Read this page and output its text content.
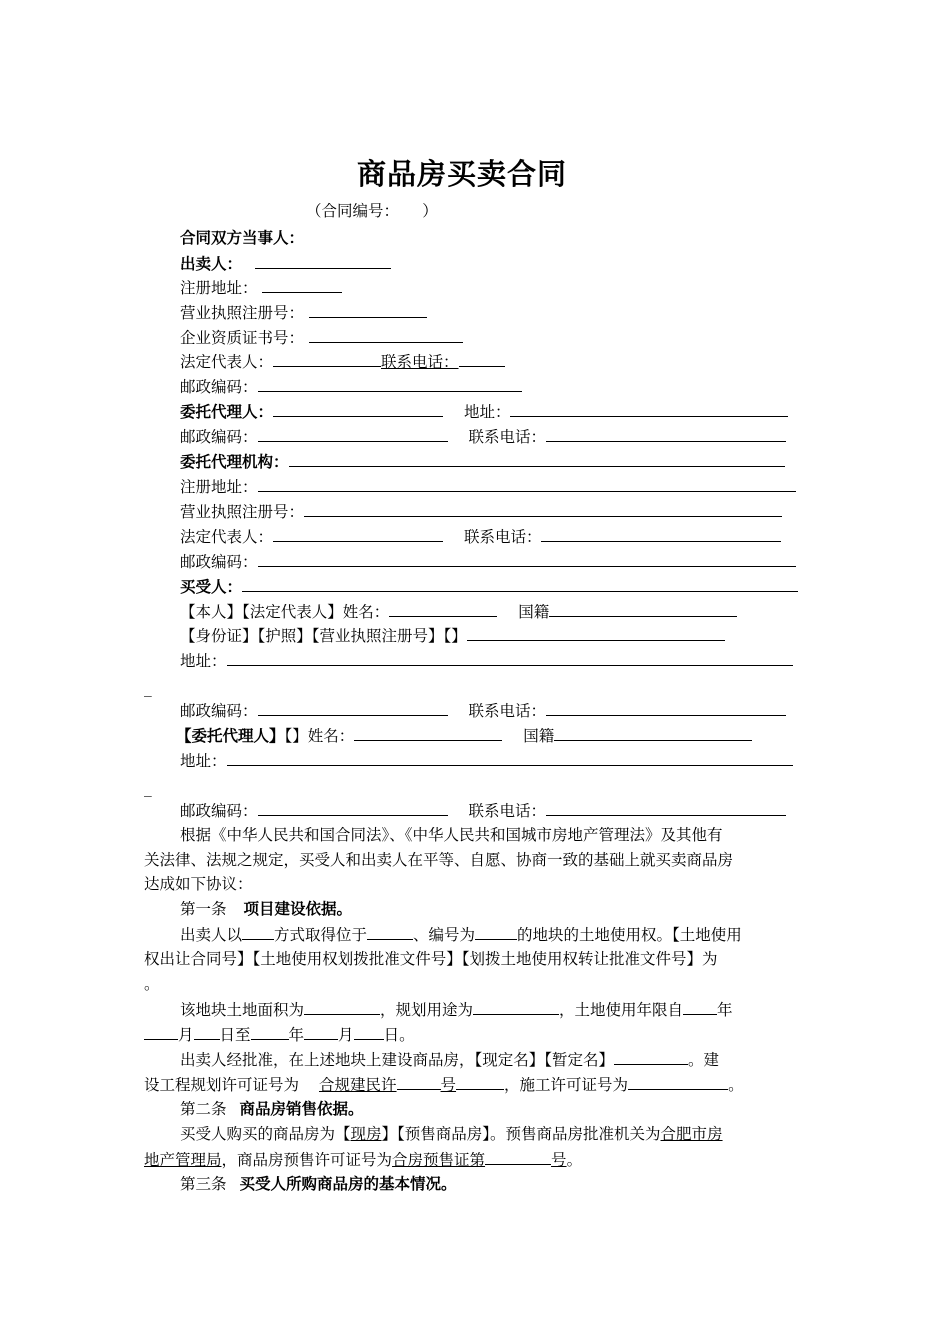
商品房买卖合同
（合同编号：　　）
合同双方当事人：
出卖人：
注册地址：
营业执照注册号：
企业资质证书号：
法定代表人：	联系电话：
邮政编码：
委托代理人：	地址：
邮政编码：	联系电话：
委托代理机构：
注册地址：
营业执照注册号：
法定代表人：	联系电话：
邮政编码：
买受人：
【本人】【法定代表人】姓名：	国籍
【身份证】【护照】【营业执照注册号】【】
地址：
_
邮政编码：	联系电话：
【委托代理人】【】姓名：	国籍
地址：
_
邮政编码：	联系电话：
根据《中华人民共和国合同法》、《中华人民共和国城市房地产管理法》及其他有
关法律、法规之规定，买受人和出卖人在平等、自愿、协商一致的基础上就买卖商品房
达成如下协议：
第一条 项目建设依据。
出卖人以 方式取得位于	、编号为	的地块的土地使用权。【土地使用
权出让合同号】【土地使用权划拨批准文件号】【划拨土地使用权转让批准文件号】为
。
该地块土地面积为	，规划用途为	，土地使用年限自 年
月 日至 年 月 日。
出卖人经批准，在上述地块上建设商品房，【现定名】【暂定名】	。建
设工程规划许可证号为 合规建民许	号	，施工许可证号为	。
第二条 商品房销售依据。
买受人购买的商品房为【现房】【预售商品房】。预售商品房批准机关为合肥市房
地产管理局，商品房预售许可证号为合房预售证第	号。
第三条 买受人所购商品房的基本情况。
